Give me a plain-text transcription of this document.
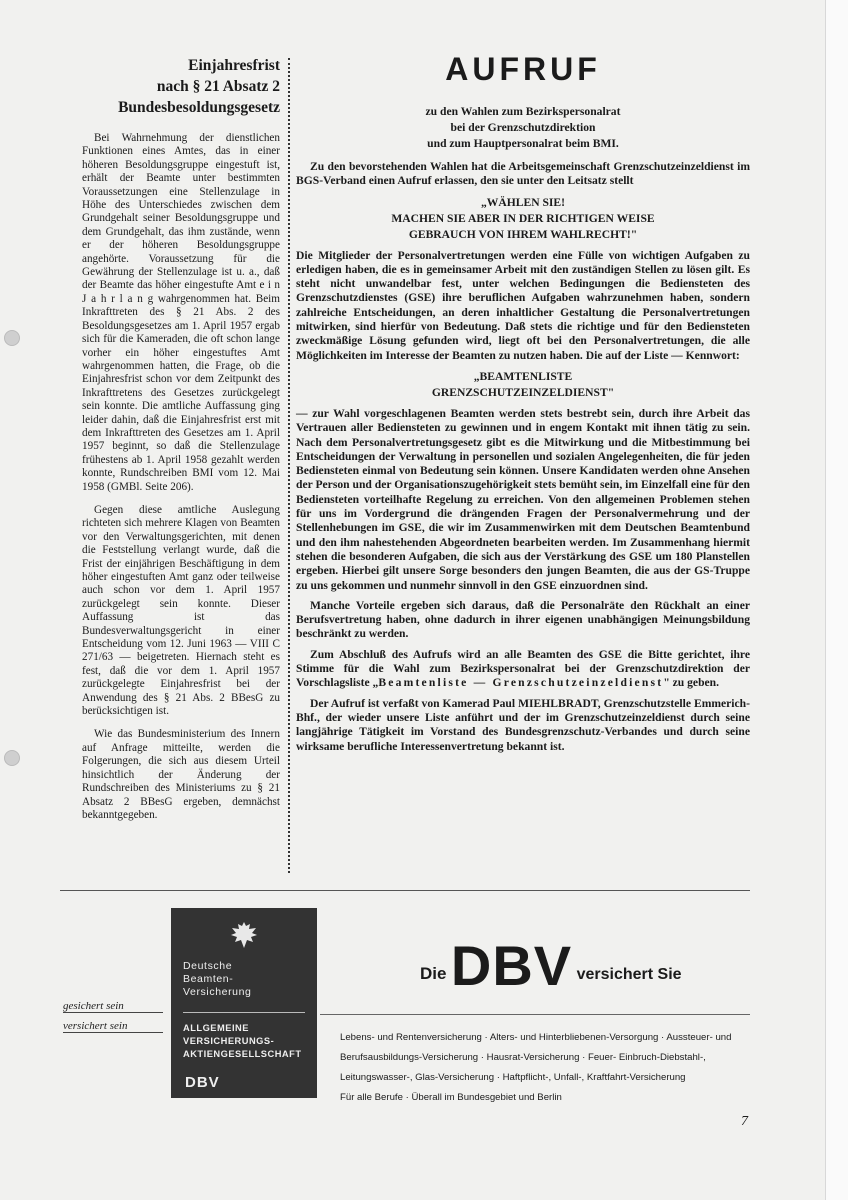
Einjahresfrist
nach § 21 Absatz 2
Bundesbesoldungsgesetz

Bei Wahrnehmung der dienstlichen Funktionen eines Amtes, das in einer höheren Besoldungsgruppe eingestuft ist, erhält der Beamte unter bestimmten Voraussetzungen eine Stellenzulage in Höhe des Unterschiedes zwischen dem Grundgehalt seiner Besoldungsgruppe und dem Grundgehalt, das ihm zustände, wenn er der höheren Besoldungsgruppe angehörte. Voraussetzung für die Gewährung der Stellenzulage ist u. a., daß der Beamte das höher eingestufte Amt e i n J a h r l a n g wahrgenommen hat. Beim Inkrafttreten des § 21 Abs. 2 des Besoldungsgesetzes am 1. April 1957 ergab sich für die Kameraden, die oft schon lange vorher ein höher eingestuftes Amt wahrgenommen hatten, die Frage, ob die Einjahresfrist schon vor dem Zeitpunkt des Inkrafttretens des Gesetzes zurückgelegt sein konnte. Die amtliche Auffassung ging leider dahin, daß die Einjahresfrist erst mit dem Inkrafttreten des Gesetzes am 1. April 1957 beginnt, so daß die Stellenzulage frühestens ab 1. April 1958 gezahlt werden konnte, Rundschreiben BMI vom 12. Mai 1958 (GMBl. Seite 206).

Gegen diese amtliche Auslegung richteten sich mehrere Klagen von Beamten vor den Verwaltungsgerichten, mit denen die Feststellung verlangt wurde, daß die Frist der einjährigen Beschäftigung in dem höher eingestuften Amt ganz oder teilweise auch schon vor dem 1. April 1957 zurückgelegt sein konnte. Dieser Auffassung ist das Bundesverwaltungsgericht in einer Entscheidung vom 12. Juni 1963 — VIII C 271/63 — beigetreten. Hiernach steht es fest, daß die vor dem 1. April 1957 zurückgelegte Einjahresfrist bei der Anwendung des § 21 Abs. 2 BBesG zu berücksichtigen ist.

Wie das Bundesministerium des Innern auf Anfrage mitteilte, werden die Folgerungen, die sich aus diesem Urteil hinsichtlich der Änderung der Rundschreiben des Ministeriums zu § 21 Absatz 2 BBesG ergeben, demnächst bekanntgegeben.

AUFRUF
zu den Wahlen zum Bezirkspersonalrat
bei der Grenzschutzdirektion
und zum Hauptpersonalrat beim BMI.

Zu den bevorstehenden Wahlen hat die Arbeitsgemeinschaft Grenzschutzeinzeldienst im BGS-Verband einen Aufruf erlassen, den sie unter den Leitsatz stellt

„WÄHLEN SIE!
MACHEN SIE ABER IN DER RICHTIGEN WEISE
GEBRAUCH VON IHREM WAHLRECHT!"

Die Mitglieder der Personalvertretungen werden eine Fülle von wichtigen Aufgaben zu erledigen haben, die es in gemeinsamer Arbeit mit den zuständigen Stellen zu lösen gilt. Es steht nicht unwandelbar fest, unter welchen Bedingungen die Bediensteten des Grenzschutzdienstes (GSE) ihre beruflichen Aufgaben wahrzunehmen haben, sondern zahlreiche Entscheidungen, an deren inhaltlicher Gestaltung die Personalvertretungen mitwirken, sind hierfür von Bedeutung. Daß stets die richtige und für den Bediensteten zweckmäßige Lösung gefunden wird, liegt oft bei den Personalvertretungen, die alle Möglichkeiten im Interesse der Beamten zu nutzen haben. Die auf der Liste — Kennwort:

„BEAMTENLISTE
GRENZSCHUTZEINZELDIENST"

— zur Wahl vorgeschlagenen Beamten werden stets bestrebt sein, durch ihre Arbeit das Vertrauen aller Bediensteten zu gewinnen und in engem Kontakt mit ihnen tätig zu sein. Nach dem Personalvertretungsgesetz gibt es die Mitwirkung und die Mitbestimmung bei Entscheidungen der Verwaltung in personellen und sozialen Angelegenheiten, die für jeden Bediensteten einmal von Bedeutung sein können. Unsere Kandidaten werden ohne Ansehen der Person und der Organisationszugehörigkeit stets bemüht sein, im Einzelfall eine für den Bediensteten vorteilhafte Regelung zu erreichen. Von den allgemeinen Problemen stehen für uns im Vordergrund die drängenden Fragen der Personalvermehrung und der Stellenhebungen im GSE, die wir im Zusammenwirken mit dem Deutschen Beamtenbund und den ihm nahestehenden Abgeordneten bearbeiten werden. Im Zusammenhang hiermit stehen die besonderen Aufgaben, die sich aus der Verstärkung des GSE um 180 Planstellen ergeben. Hierbei gilt unsere Sorge besonders den jungen Beamten, die aus der GS-Truppe zu uns gekommen und nunmehr sinnvoll in den GSE einzuordnen sind.

Manche Vorteile ergeben sich daraus, daß die Personalräte den Rückhalt an einer Berufsvertretung haben, ohne dadurch in ihrer eigenen unabhängigen Meinungsbildung beschränkt zu werden.

Zum Abschluß des Aufrufs wird an alle Beamten des GSE die Bitte gerichtet, ihre Stimme für die Wahl zum Bezirkspersonalrat bei der Grenzschutzdirektion der Vorschlagsliste „Beamtenliste — Grenzschutzeinzeldienst" zu geben.

Der Aufruf ist verfaßt von Kamerad Paul MIEHLBRADT, Grenzschutzstelle Emmerich-Bhf., der wieder unsere Liste anführt und der im Grenzschutzeinzeldienst durch seine langjährige Tätigkeit im Vorstand des Bundesgrenzschutz-Verbandes und durch seine wirksame berufliche Interessenvertretung bekannt ist.

Deutsche
Beamten-
Versicherung
ALLGEMEINE
VERSICHERUNGS-
AKTIENGESELLSCHAFT
DBV
gesichert sein
versichert sein
Die DBV versichert Sie
Lebens- und Rentenversicherung · Alters- und Hinterbliebenen-Versorgung · Aussteuer- und
Berufsausbildungs-Versicherung · Hausrat-Versicherung · Feuer- Einbruch-Diebstahl-,
Leitungswasser-, Glas-Versicherung · Haftpflicht-, Unfall-, Kraftfahrt-Versicherung
Für alle Berufe · Überall im Bundesgebiet und Berlin
7
